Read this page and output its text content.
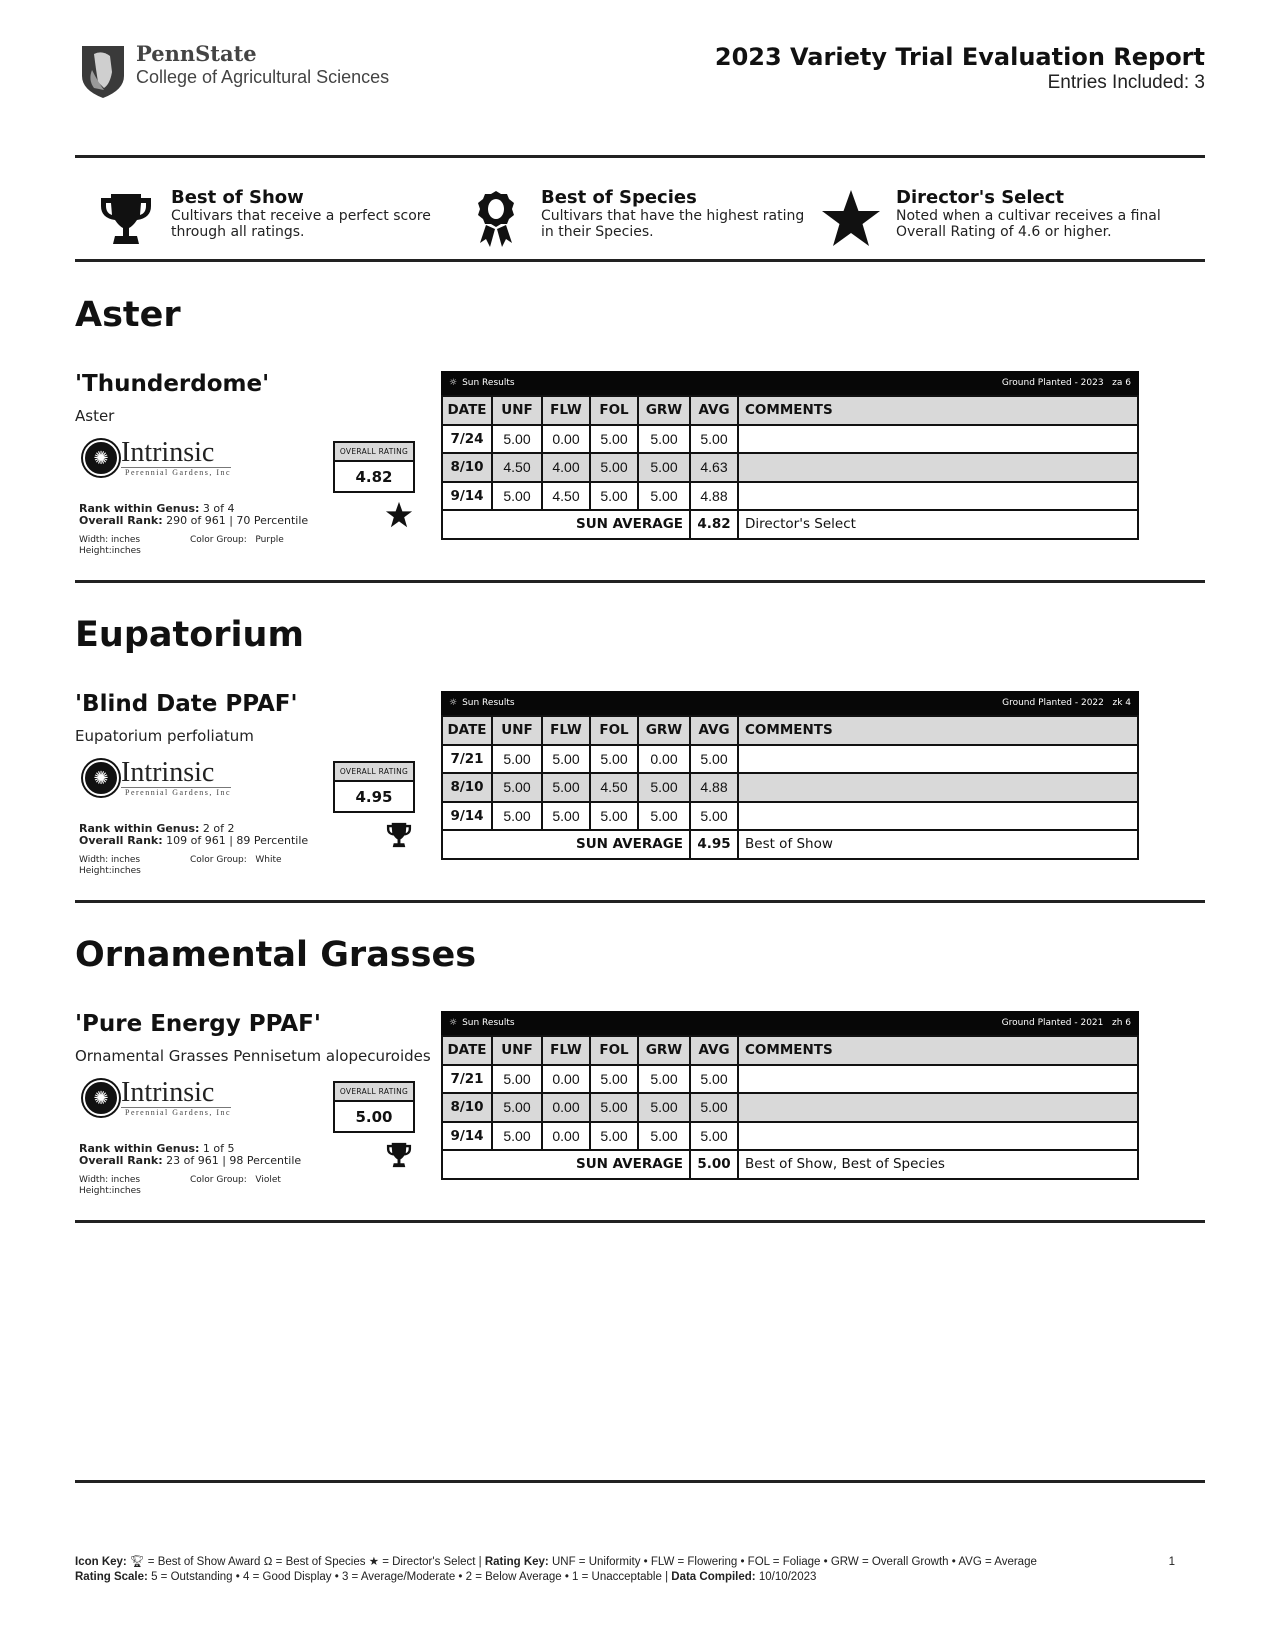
PennState
College of Agricultural Sciences
2023 Variety Trial Evaluation Report
Entries Included: 3
Best of Show
Cultivars that receive a perfect score
through all ratings.
Best of Species
Cultivars that have the highest rating
in their Species.
Director's Select
Noted when a cultivar receives a final
Overall Rating of 4.6 or higher.
Aster
'Thunderdome'
Aster
✺ Intrinsic
Perennial Gardens, Inc
Rank within Genus: 3 of 4
Overall Rank: 290 of 961 | 70 Percentile
Width: inches
Height:inches
Color Group: Purple
OVERALL RATING
4.82
☼ Sun Results	Ground Planted - 2023 za 6
DATE	UNF	FLW	FOL	GRW	AVG	COMMENTS
7/24	5.00	0.00	5.00	5.00	5.00	
8/10	4.50	4.00	5.00	5.00	4.63	
9/14	5.00	4.50	5.00	5.00	4.88	
SUN AVERAGE					4.82	Director's Select
Eupatorium
'Blind Date PPAF'
Eupatorium perfoliatum
✺ Intrinsic
Perennial Gardens, Inc
Rank within Genus: 2 of 2
Overall Rank: 109 of 961 | 89 Percentile
Width: inches
Height:inches
Color Group: White
OVERALL RATING
4.95
☼ Sun Results	Ground Planted - 2022 zk 4
DATE	UNF	FLW	FOL	GRW	AVG	COMMENTS
7/21	5.00	5.00	5.00	0.00	5.00	
8/10	5.00	5.00	4.50	5.00	4.88	
9/14	5.00	5.00	5.00	5.00	5.00	
SUN AVERAGE					4.95	Best of Show
Ornamental Grasses
'Pure Energy PPAF'
Ornamental Grasses Pennisetum alopecuroides
✺ Intrinsic
Perennial Gardens, Inc
Rank within Genus: 1 of 5
Overall Rank: 23 of 961 | 98 Percentile
Width: inches
Height:inches
Color Group: Violet
OVERALL RATING
5.00
☼ Sun Results	Ground Planted - 2021 zh 6
DATE	UNF	FLW	FOL	GRW	AVG	COMMENTS
7/21	5.00	0.00	5.00	5.00	5.00	
8/10	5.00	0.00	5.00	5.00	5.00	
9/14	5.00	0.00	5.00	5.00	5.00	
SUN AVERAGE					5.00	Best of Show, Best of Species
Icon Key: 🏆︎ = Best of Show Award Ω = Best of Species ★ = Director's Select | Rating Key: UNF = Uniformity • FLW = Flowering • FOL = Foliage • GRW = Overall Growth • AVG = Average
Rating Scale: 5 = Outstanding • 4 = Good Display • 3 = Average/Moderate • 2 = Below Average • 1 = Unacceptable | Data Compiled: 10/10/2023
1
